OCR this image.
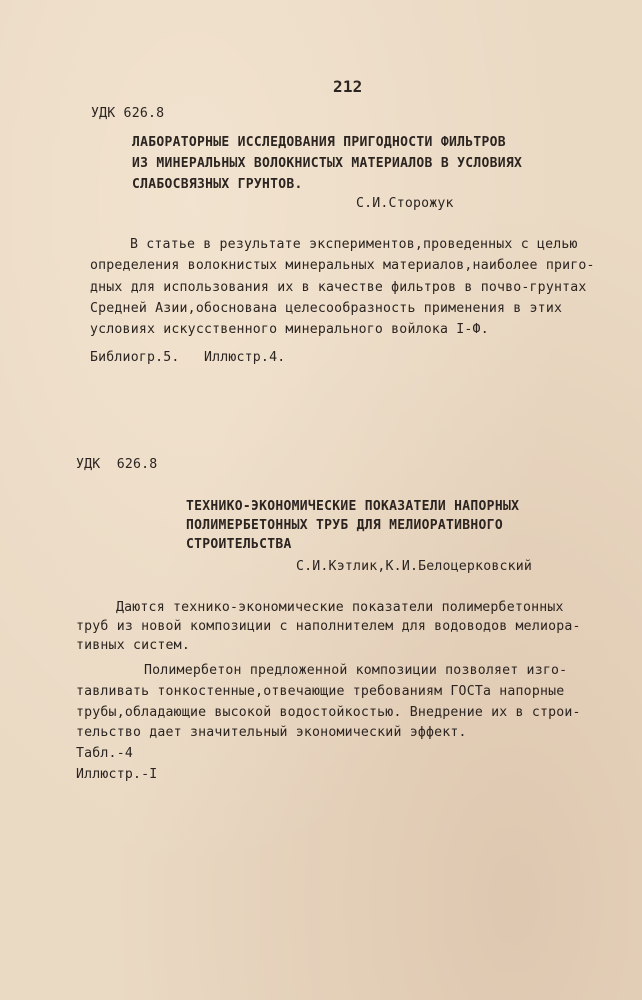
212
УДК 626.8
ЛАБОРАТОРНЫЕ ИССЛЕДОВАНИЯ ПРИГОДНОСТИ ФИЛЬТРОВ
ИЗ МИНЕРАЛЬНЫХ ВОЛОКНИСТЫХ МАТЕРИАЛОВ В УСЛОВИЯХ
СЛАБОСВЯЗНЫХ ГРУНТОВ.
С.И.Сторожук
В статье в результате экспериментов,проведенных с целью
определения волокнистых минеральных материалов,наиболее приго-
дных для использования их в качестве фильтров в почво-грунтах
Средней Азии,обоснована целесообразность применения в этих
условиях искусственного минерального войлока I-Ф.
Библиогр.5.   Иллюстр.4.
УДК  626.8
ТЕХНИКО-ЭКОНОМИЧЕСКИЕ ПОКАЗАТЕЛИ НАПОРНЫХ
ПОЛИМЕРБЕТОННЫХ ТРУБ ДЛЯ МЕЛИОРАТИВНОГО
СТРОИТЕЛЬСТВА
С.И.Кэтлик,К.И.Белоцерковский
Даются технико-экономические показатели полимербетонных
труб из новой композиции с наполнителем для водоводов мелиора-
тивных систем.
Полимербетон предложенной композиции позволяет изго-
тавливать тонкостенные,отвечающие требованиям ГОСТа напорные
трубы,обладающие высокой водостойкостью. Внедрение их в строи-
тельство дает значительный экономический эффект.
Табл.-4
Иллюстр.-I
